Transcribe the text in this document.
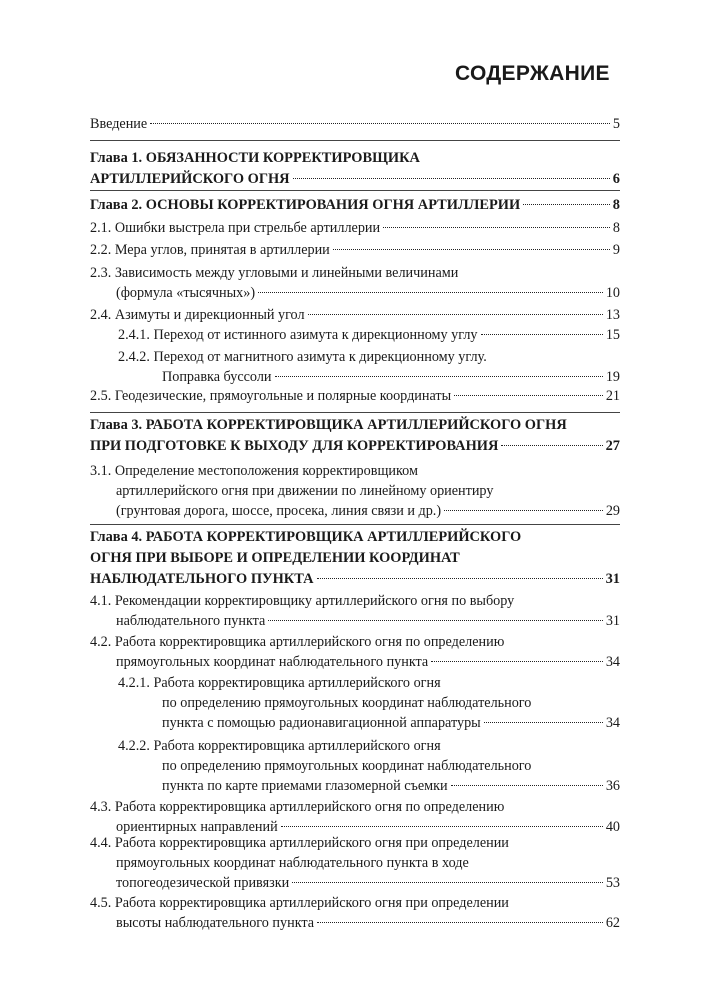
СОДЕРЖАНИЕ
Введение	5
Глава 1. ОБЯЗАННОСТИ КОРРЕКТИРОВЩИКА
АРТИЛЛЕРИЙСКОГО ОГНЯ	6
Глава 2. ОСНОВЫ КОРРЕКТИРОВАНИЯ ОГНЯ АРТИЛЛЕРИИ	8
2.1. Ошибки выстрела при стрельбе артиллерии	8
2.2. Мера углов, принятая в артиллерии	9
2.3. Зависимость между угловыми и линейными величинами
(формула «тысячных»)	10
2.4. Азимуты и дирекционный угол	13
2.4.1. Переход от истинного азимута к дирекционному углу	15
2.4.2. Переход от магнитного азимута к дирекционному углу.
Поправка буссоли	19
2.5. Геодезические, прямоугольные и полярные координаты	21
Глава 3. РАБОТА КОРРЕКТИРОВЩИКА АРТИЛЛЕРИЙСКОГО ОГНЯ
ПРИ ПОДГОТОВКЕ К ВЫХОДУ ДЛЯ КОРРЕКТИРОВАНИЯ	27
3.1. Определение местоположения корректировщиком
артиллерийского огня при движении по линейному ориентиру
(грунтовая дорога, шоссе, просека, линия связи и др.)	29
Глава 4. РАБОТА КОРРЕКТИРОВЩИКА АРТИЛЛЕРИЙСКОГО
ОГНЯ ПРИ ВЫБОРЕ И ОПРЕДЕЛЕНИИ КООРДИНАТ
НАБЛЮДАТЕЛЬНОГО ПУНКТА	31
4.1. Рекомендации корректировщику артиллерийского огня по выбору
наблюдательного пункта	31
4.2. Работа корректировщика артиллерийского огня по определению
прямоугольных координат наблюдательного пункта	34
4.2.1. Работа корректировщика артиллерийского огня
по определению прямоугольных координат наблюдательного
пункта с помощью радионавигационной аппаратуры	34
4.2.2. Работа корректировщика артиллерийского огня
по определению прямоугольных координат наблюдательного
пункта по карте приемами глазомерной съемки	36
4.3. Работа корректировщика артиллерийского огня по определению
ориентирных направлений	40
4.4. Работа корректировщика артиллерийского огня при определении
прямоугольных координат наблюдательного пункта в ходе
топогеодезической привязки	53
4.5. Работа корректировщика артиллерийского огня при определении
высоты наблюдательного пункта	62
